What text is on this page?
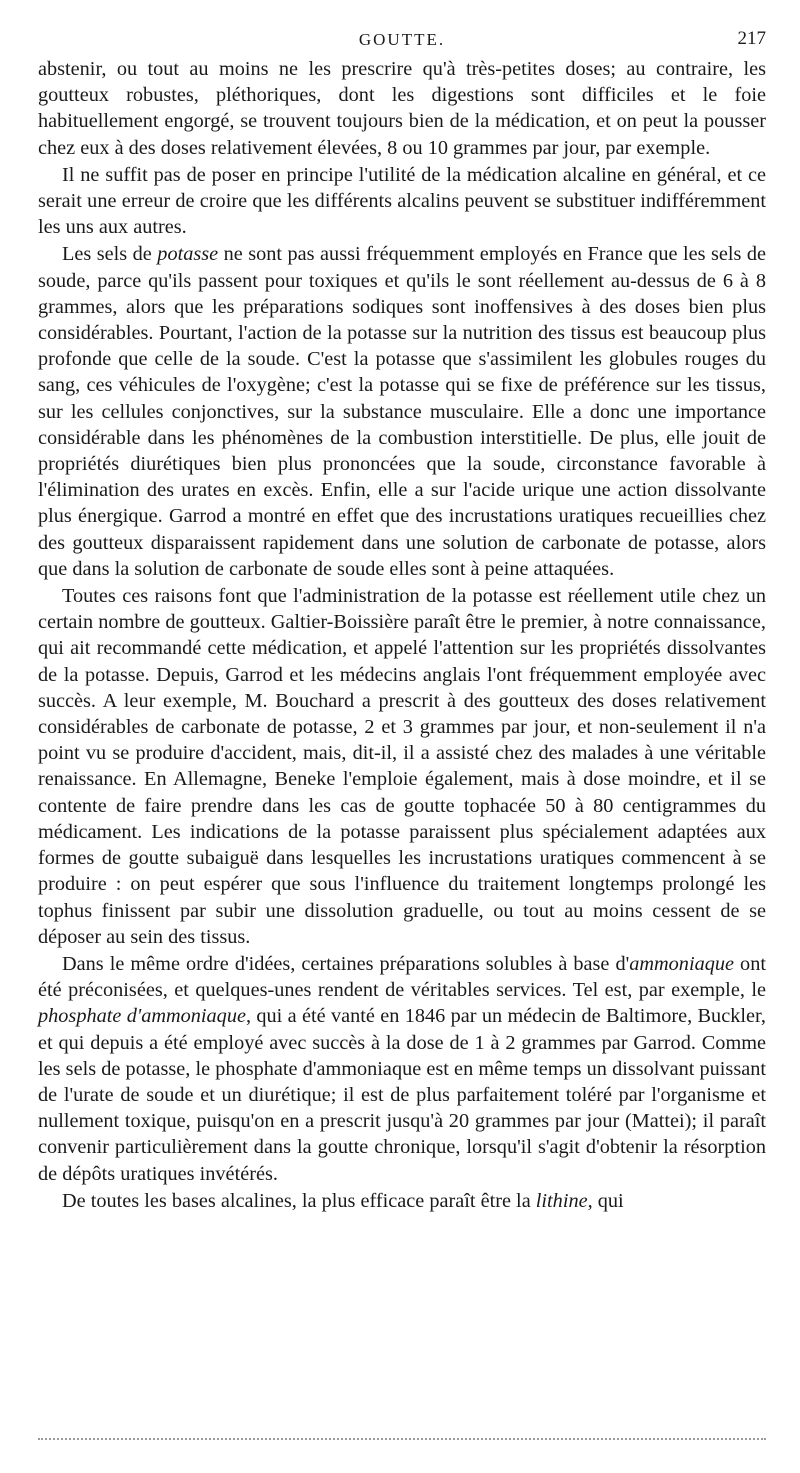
GOUTTE.	217

abstenir, ou tout au moins ne les prescrire qu'à très-petites doses; au contraire, les goutteux robustes, pléthoriques, dont les digestions sont difficiles et le foie habituellement engorgé, se trouvent toujours bien de la médication, et on peut la pousser chez eux à des doses relativement élevées, 8 ou 10 grammes par jour, par exemple.

Il ne suffit pas de poser en principe l'utilité de la médication alcaline en général, et ce serait une erreur de croire que les différents alcalins peuvent se substituer indifféremment les uns aux autres.

Les sels de potasse ne sont pas aussi fréquemment employés en France que les sels de soude, parce qu'ils passent pour toxiques et qu'ils le sont réellement au-dessus de 6 à 8 grammes, alors que les préparations sodiques sont inoffensives à des doses bien plus considérables. Pourtant, l'action de la potasse sur la nutrition des tissus est beaucoup plus profonde que celle de la soude. C'est la potasse que s'assimilent les globules rouges du sang, ces véhicules de l'oxygène; c'est la potasse qui se fixe de préférence sur les tissus, sur les cellules conjonctives, sur la substance musculaire. Elle a donc une importance considérable dans les phénomènes de la combustion interstitielle. De plus, elle jouit de propriétés diurétiques bien plus prononcées que la soude, circonstance favorable à l'élimination des urates en excès. Enfin, elle a sur l'acide urique une action dissolvante plus énergique. Garrod a montré en effet que des incrustations uratiques recueillies chez des goutteux disparaissent rapidement dans une solution de carbonate de potasse, alors que dans la solution de carbonate de soude elles sont à peine attaquées.

Toutes ces raisons font que l'administration de la potasse est réellement utile chez un certain nombre de goutteux. Galtier-Boissière paraît être le premier, à notre connaissance, qui ait recommandé cette médication, et appelé l'attention sur les propriétés dissolvantes de la potasse. Depuis, Garrod et les médecins anglais l'ont fréquemment employée avec succès. A leur exemple, M. Bouchard a prescrit à des goutteux des doses relativement considérables de carbonate de potasse, 2 et 3 grammes par jour, et non-seulement il n'a point vu se produire d'accident, mais, dit-il, il a assisté chez des malades à une véritable renaissance. En Allemagne, Beneke l'emploie également, mais à dose moindre, et il se contente de faire prendre dans les cas de goutte tophacée 50 à 80 centigrammes du médicament. Les indications de la potasse paraissent plus spécialement adaptées aux formes de goutte subaiguë dans lesquelles les incrustations uratiques commencent à se produire : on peut espérer que sous l'influence du traitement longtemps prolongé les tophus finissent par subir une dissolution graduelle, ou tout au moins cessent de se déposer au sein des tissus.

Dans le même ordre d'idées, certaines préparations solubles à base d'ammoniaque ont été préconisées, et quelques-unes rendent de véritables services. Tel est, par exemple, le phosphate d'ammoniaque, qui a été vanté en 1846 par un médecin de Baltimore, Buckler, et qui depuis a été employé avec succès à la dose de 1 à 2 grammes par Garrod. Comme les sels de potasse, le phosphate d'ammoniaque est en même temps un dissolvant puissant de l'urate de soude et un diurétique; il est de plus parfaitement toléré par l'organisme et nullement toxique, puisqu'on en a prescrit jusqu'à 20 grammes par jour (Mattei); il paraît convenir particulièrement dans la goutte chronique, lorsqu'il s'agit d'obtenir la résorption de dépôts uratiques invétérés.

De toutes les bases alcalines, la plus efficace paraît être la lithine, qui
